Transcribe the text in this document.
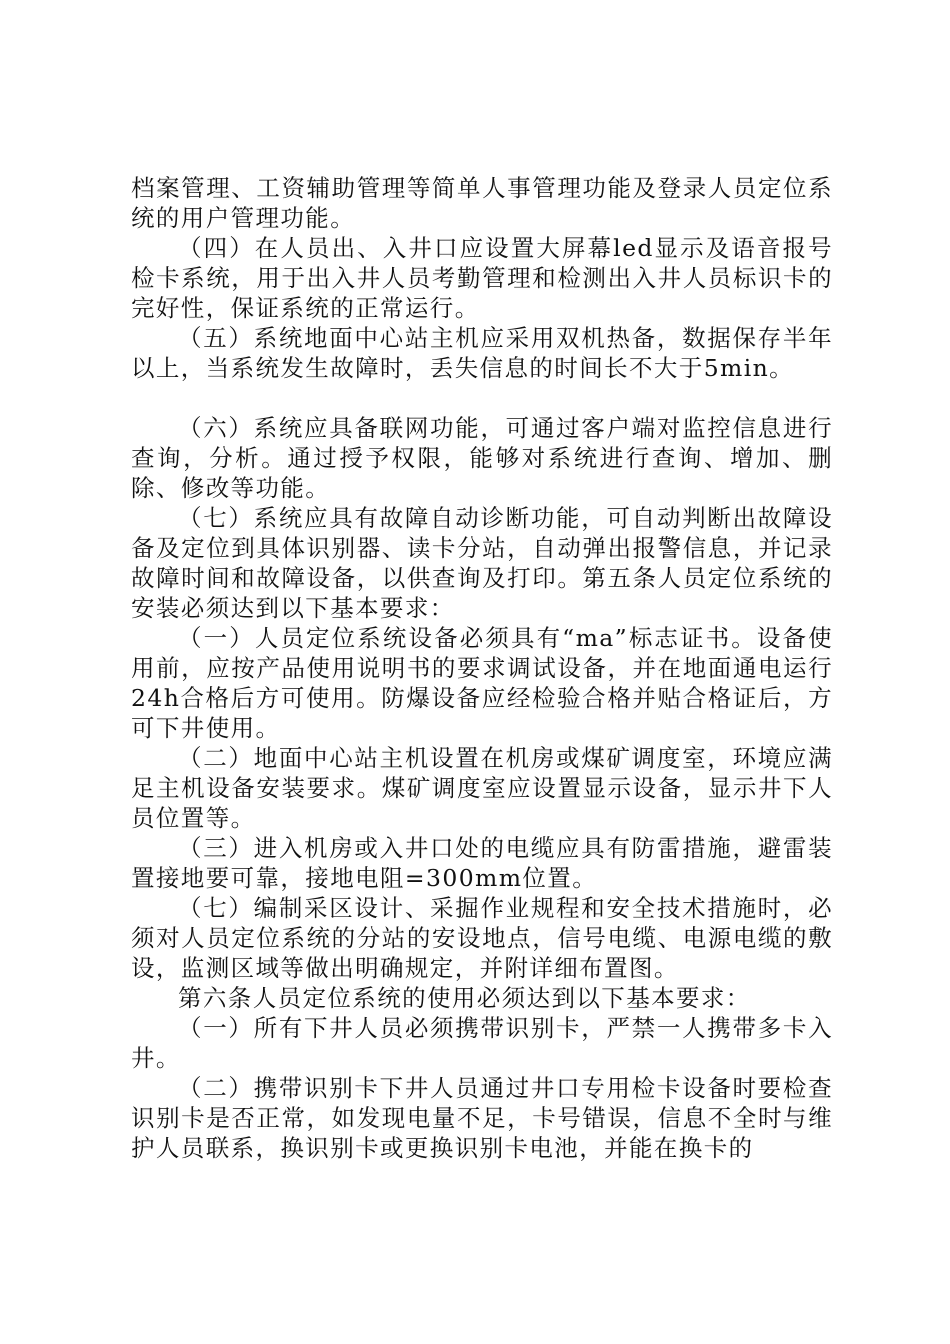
档案管理、工资辅助管理等简单人事管理功能及登录人员定位系统的用户管理功能。

（四）在人员出、入井口应设置大屏幕led显示及语音报号检卡系统，用于出入井人员考勤管理和检测出入井人员标识卡的完好性，保证系统的正常运行。

（五）系统地面中心站主机应采用双机热备，数据保存半年以上，当系统发生故障时，丢失信息的时间长不大于5min。

（六）系统应具备联网功能，可通过客户端对监控信息进行查询，分析。通过授予权限，能够对系统进行查询、增加、删除、修改等功能。

（七）系统应具有故障自动诊断功能，可自动判断出故障设备及定位到具体识别器、读卡分站，自动弹出报警信息，并记录故障时间和故障设备，以供查询及打印。第五条人员定位系统的安装必须达到以下基本要求：

（一）人员定位系统设备必须具有“ma”标志证书。设备使用前，应按产品使用说明书的要求调试设备，并在地面通电运行24h合格后方可使用。防爆设备应经检验合格并贴合格证后，方可下井使用。

（二）地面中心站主机设置在机房或煤矿调度室，环境应满足主机设备安装要求。煤矿调度室应设置显示设备，显示井下人员位置等。

（三）进入机房或入井口处的电缆应具有防雷措施，避雷装置接地要可靠，接地电阻=300mm位置。

（七）编制采区设计、采掘作业规程和安全技术措施时，必须对人员定位系统的分站的安设地点，信号电缆、电源电缆的敷设，监测区域等做出明确规定，并附详细布置图。

第六条人员定位系统的使用必须达到以下基本要求：

（一）所有下井人员必须携带识别卡，严禁一人携带多卡入井。

（二）携带识别卡下井人员通过井口专用检卡设备时要检查识别卡是否正常，如发现电量不足，卡号错误，信息不全时与维护人员联系，换识别卡或更换识别卡电池，并能在换卡的
